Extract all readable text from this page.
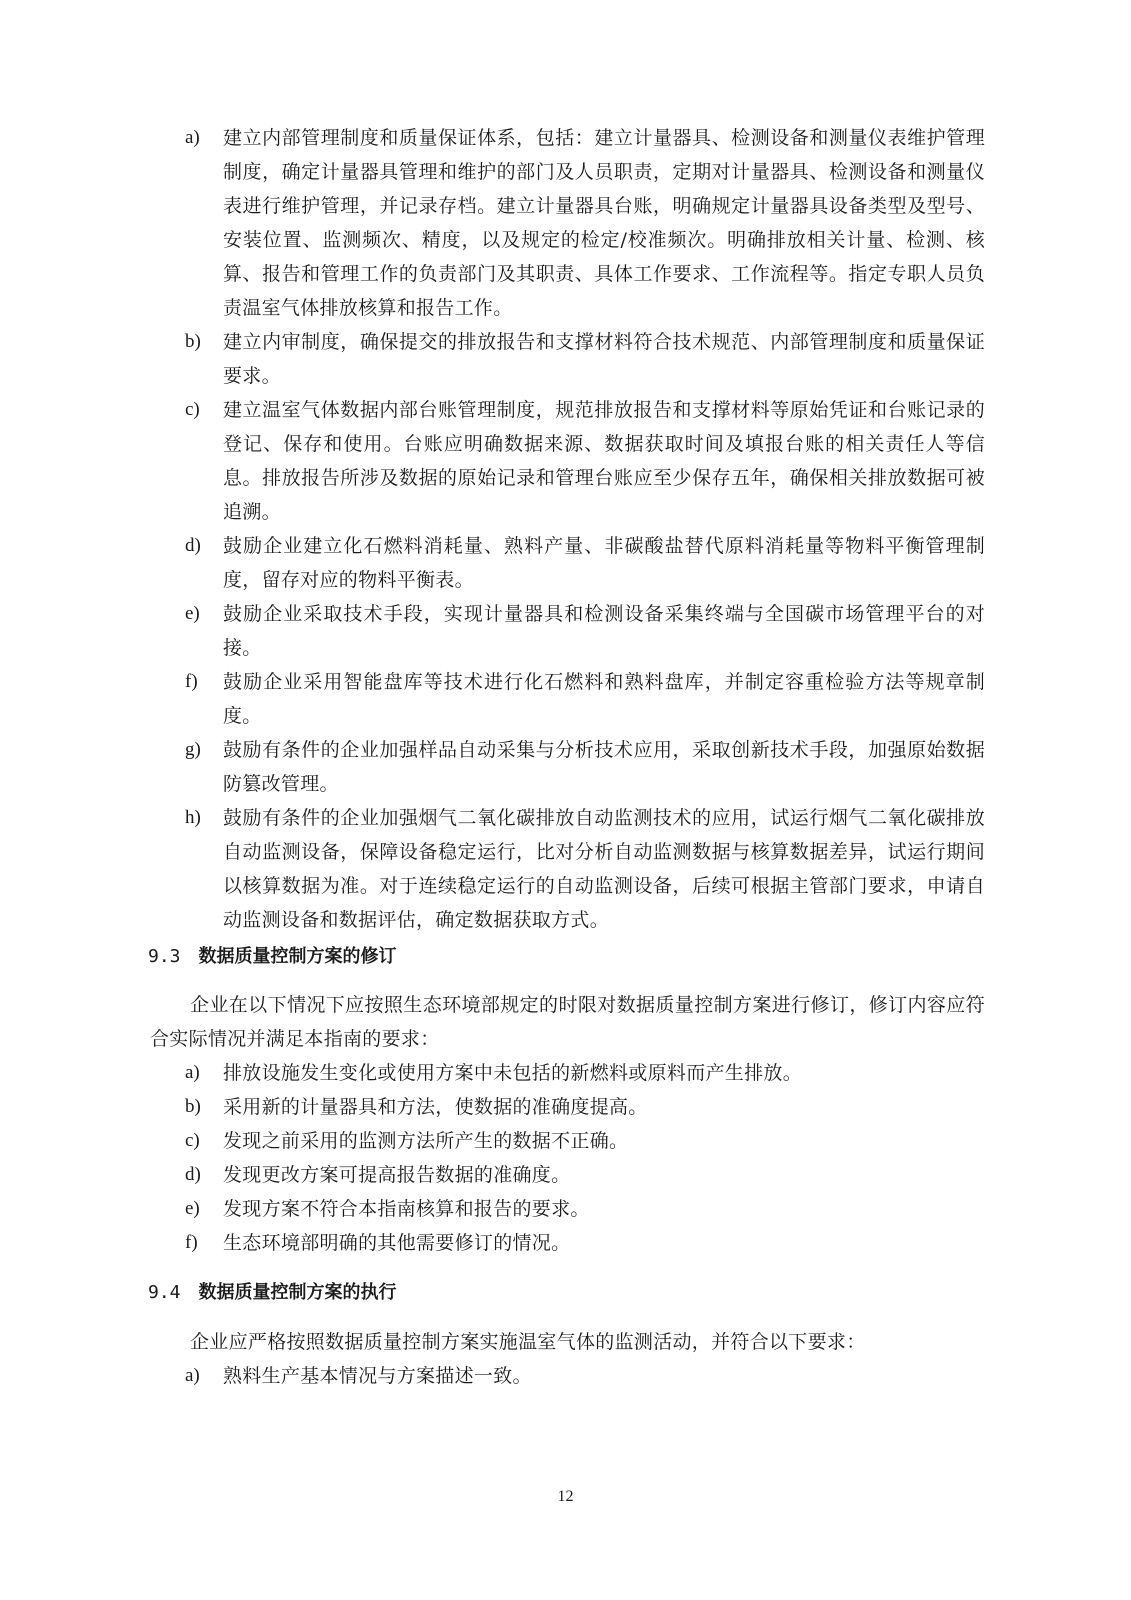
a)	建立内部管理制度和质量保证体系，包括：建立计量器具、检测设备和测量仪表维护管理制度，确定计量器具管理和维护的部门及人员职责，定期对计量器具、检测设备和测量仪表进行维护管理，并记录存档。建立计量器具台账，明确规定计量器具设备类型及型号、安装位置、监测频次、精度，以及规定的检定/校准频次。明确排放相关计量、检测、核算、报告和管理工作的负责部门及其职责、具体工作要求、工作流程等。指定专职人员负责温室气体排放核算和报告工作。
b)	建立内审制度，确保提交的排放报告和支撑材料符合技术规范、内部管理制度和质量保证要求。
c)	建立温室气体数据内部台账管理制度，规范排放报告和支撑材料等原始凭证和台账记录的登记、保存和使用。台账应明确数据来源、数据获取时间及填报台账的相关责任人等信息。排放报告所涉及数据的原始记录和管理台账应至少保存五年，确保相关排放数据可被追溯。
d)	鼓励企业建立化石燃料消耗量、熟料产量、非碳酸盐替代原料消耗量等物料平衡管理制度，留存对应的物料平衡表。
e)	鼓励企业采取技术手段，实现计量器具和检测设备采集终端与全国碳市场管理平台的对接。
f)	鼓励企业采用智能盘库等技术进行化石燃料和熟料盘库，并制定容重检验方法等规章制度。
g)	鼓励有条件的企业加强样品自动采集与分析技术应用，采取创新技术手段，加强原始数据防篡改管理。
h)	鼓励有条件的企业加强烟气二氧化碳排放自动监测技术的应用，试运行烟气二氧化碳排放自动监测设备，保障设备稳定运行，比对分析自动监测数据与核算数据差异，试运行期间以核算数据为准。对于连续稳定运行的自动监测设备，后续可根据主管部门要求，申请自动监测设备和数据评估，确定数据获取方式。
9.3 数据质量控制方案的修订
企业在以下情况下应按照生态环境部规定的时限对数据质量控制方案进行修订，修订内容应符合实际情况并满足本指南的要求：
a)	排放设施发生变化或使用方案中未包括的新燃料或原料而产生排放。
b)	采用新的计量器具和方法，使数据的准确度提高。
c)	发现之前采用的监测方法所产生的数据不正确。
d)	发现更改方案可提高报告数据的准确度。
e)	发现方案不符合本指南核算和报告的要求。
f)	生态环境部明确的其他需要修订的情况。
9.4 数据质量控制方案的执行
企业应严格按照数据质量控制方案实施温室气体的监测活动，并符合以下要求：
a)	熟料生产基本情况与方案描述一致。
12
